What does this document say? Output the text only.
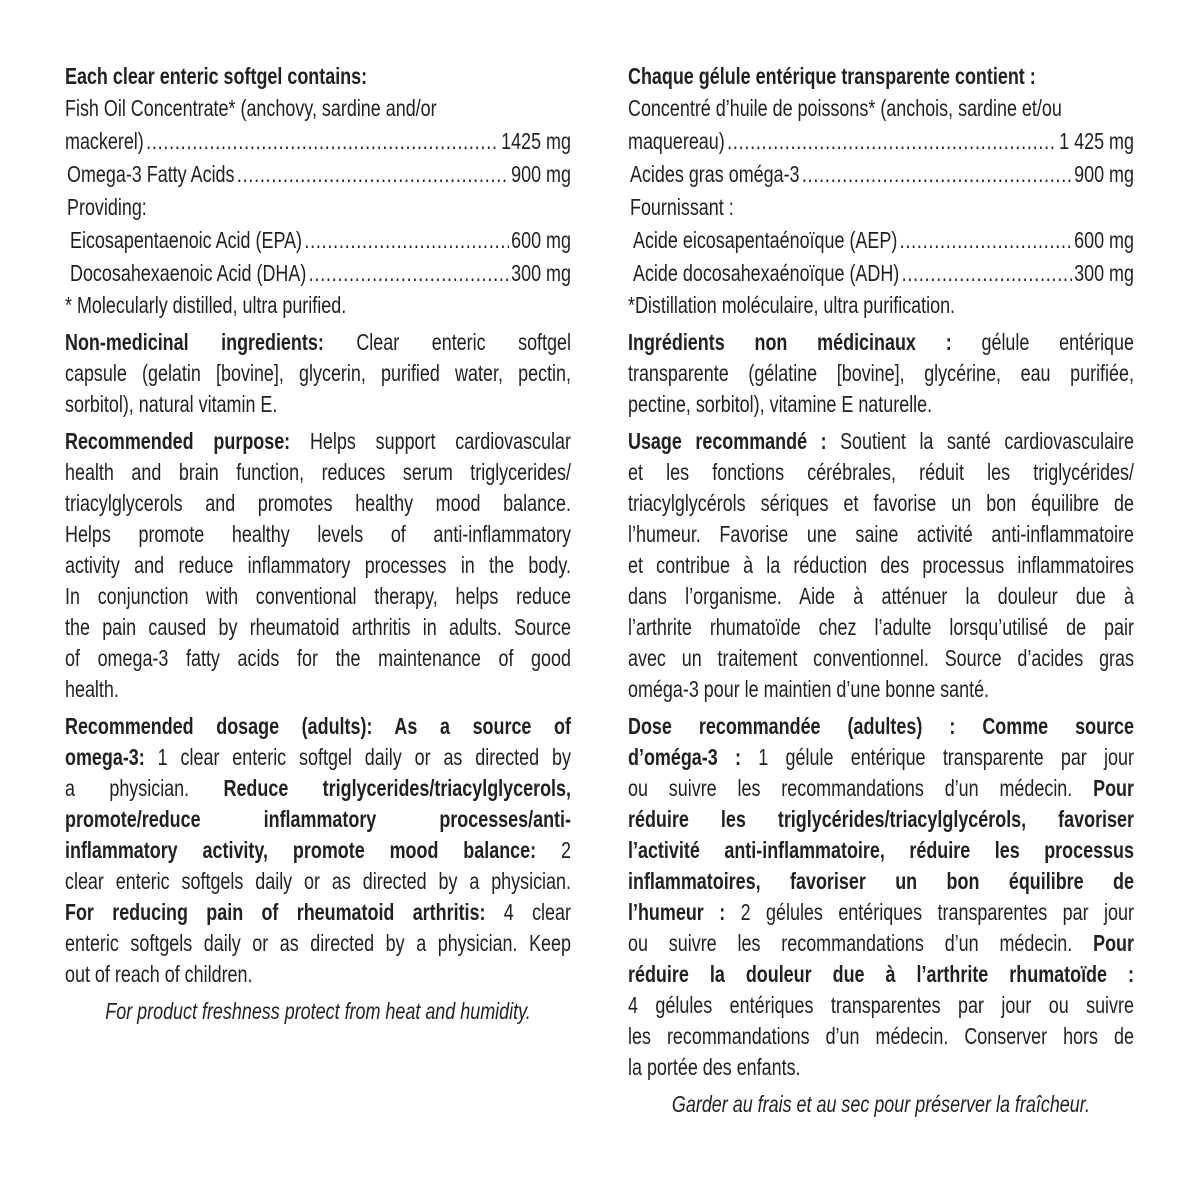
Each clear enteric softgel contains:
Fish Oil Concentrate* (anchovy, sardine and/or
mackerel) .....	1425 mg
Omega-3 Fatty Acids .....	900 mg
Providing:
Eicosapentaenoic Acid (EPA) .....	600 mg
Docosahexaenoic Acid (DHA) .....	300 mg
* Molecularly distilled, ultra purified.
Non-medicinal ingredients: Clear enteric softgel
capsule (gelatin [bovine], glycerin, purified water, pectin,
sorbitol), natural vitamin E.
Recommended purpose: Helps support cardiovascular
health and brain function, reduces serum triglycerides/
triacylglycerols and promotes healthy mood balance.
Helps promote healthy levels of anti-inflammatory
activity and reduce inflammatory processes in the body.
In conjunction with conventional therapy, helps reduce
the pain caused by rheumatoid arthritis in adults. Source
of omega-3 fatty acids for the maintenance of good
health.
Recommended dosage (adults): As a source of
omega-3: 1 clear enteric softgel daily or as directed by
a physician. Reduce triglycerides/triacylglycerols,
promote/reduce inflammatory processes/anti-
inflammatory activity, promote mood balance: 2
clear enteric softgels daily or as directed by a physician.
For reducing pain of rheumatoid arthritis: 4 clear
enteric softgels daily or as directed by a physician. Keep
out of reach of children.
For product freshness protect from heat and humidity.
Chaque gélule entérique transparente contient :
Concentré d’huile de poissons* (anchois, sardine et/ou
maquereau) .....	1 425 mg
Acides gras oméga-3 .....	900 mg
Fournissant :
Acide eicosapentaénoïque (AEP) .....	600 mg
Acide docosahexaénoïque (ADH) .....	300 mg
*Distillation moléculaire, ultra purification.
Ingrédients non médicinaux : gélule entérique
transparente (gélatine [bovine], glycérine, eau purifiée,
pectine, sorbitol), vitamine E naturelle.
Usage recommandé : Soutient la santé cardiovasculaire
et les fonctions cérébrales, réduit les triglycérides/
triacylglycérols sériques et favorise un bon équilibre de
l’humeur. Favorise une saine activité anti-inflammatoire
et contribue à la réduction des processus inflammatoires
dans l’organisme. Aide à atténuer la douleur due à
l’arthrite rhumatoïde chez l’adulte lorsqu’utilisé de pair
avec un traitement conventionnel. Source d’acides gras
oméga-3 pour le maintien d’une bonne santé.
Dose recommandée (adultes) : Comme source
d’oméga-3 : 1 gélule entérique transparente par jour
ou suivre les recommandations d’un médecin. Pour
réduire les triglycérides/triacylglycérols, favoriser
l’activité anti-inflammatoire, réduire les processus
inflammatoires, favoriser un bon équilibre de
l’humeur : 2 gélules entériques transparentes par jour
ou suivre les recommandations d’un médecin. Pour
réduire la douleur due à l’arthrite rhumatoïde :
4 gélules entériques transparentes par jour ou suivre
les recommandations d’un médecin. Conserver hors de
la portée des enfants.
Garder au frais et au sec pour préserver la fraîcheur.
